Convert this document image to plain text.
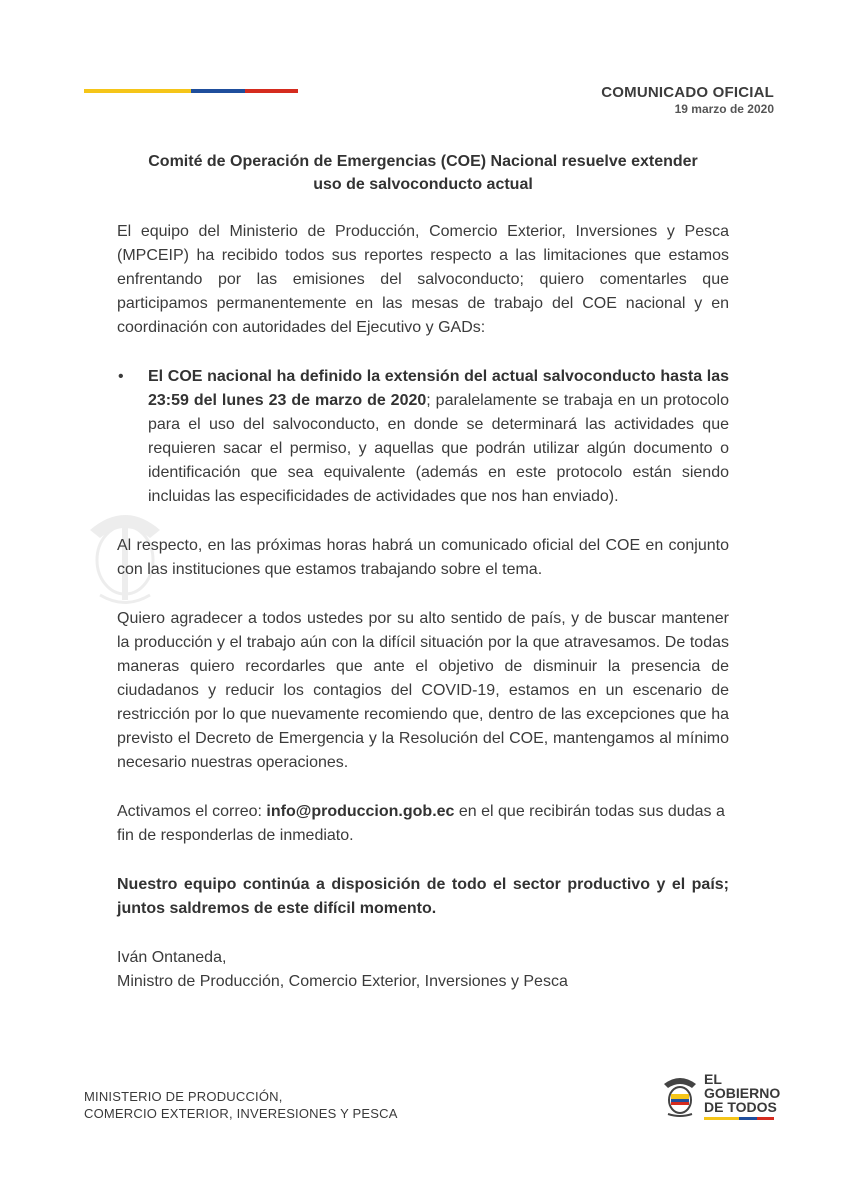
COMUNICADO OFICIAL
19 marzo de 2020
Comité de Operación de Emergencias (COE) Nacional resuelve extender
uso de salvoconducto actual

El equipo del Ministerio de Producción, Comercio Exterior, Inversiones y Pesca (MPCEIP) ha recibido todos sus reportes respecto a las limitaciones que estamos enfrentando por las emisiones del salvoconducto; quiero comentarles que participamos permanentemente en las mesas de trabajo del COE nacional y en coordinación con autoridades del Ejecutivo y GADs:

•	El COE nacional ha definido la extensión del actual salvoconducto hasta las 23:59 del lunes 23 de marzo de 2020; paralelamente se trabaja en un protocolo para el uso del salvoconducto, en donde se determinará las actividades que requieren sacar el permiso, y aquellas que podrán utilizar algún documento o identificación que sea equivalente (además en este protocolo están siendo incluidas las especificidades de actividades que nos han enviado).

Al respecto, en las próximas horas habrá un comunicado oficial del COE en conjunto con las instituciones que estamos trabajando sobre el tema.

Quiero agradecer a todos ustedes por su alto sentido de país, y de buscar mantener la producción y el trabajo aún con la difícil situación por la que atravesamos. De todas maneras quiero recordarles que ante el objetivo de disminuir la presencia de ciudadanos y reducir los contagios del COVID-19, estamos en un escenario de restricción por lo que nuevamente recomiendo que, dentro de las excepciones que ha previsto el Decreto de Emergencia y la Resolución del COE, mantengamos al mínimo necesario nuestras operaciones.

Activamos el correo: info@produccion.gob.ec en el que recibirán todas sus dudas a fin de responderlas de inmediato.

Nuestro equipo continúa a disposición de todo el sector productivo y el país; juntos saldremos de este difícil momento.

Iván Ontaneda,
Ministro de Producción, Comercio Exterior, Inversiones y Pesca
MINISTERIO DE PRODUCCIÓN,
COMERCIO EXTERIOR, INVERESIONES Y PESCA
EL
GOBIERNO
DE TODOS
